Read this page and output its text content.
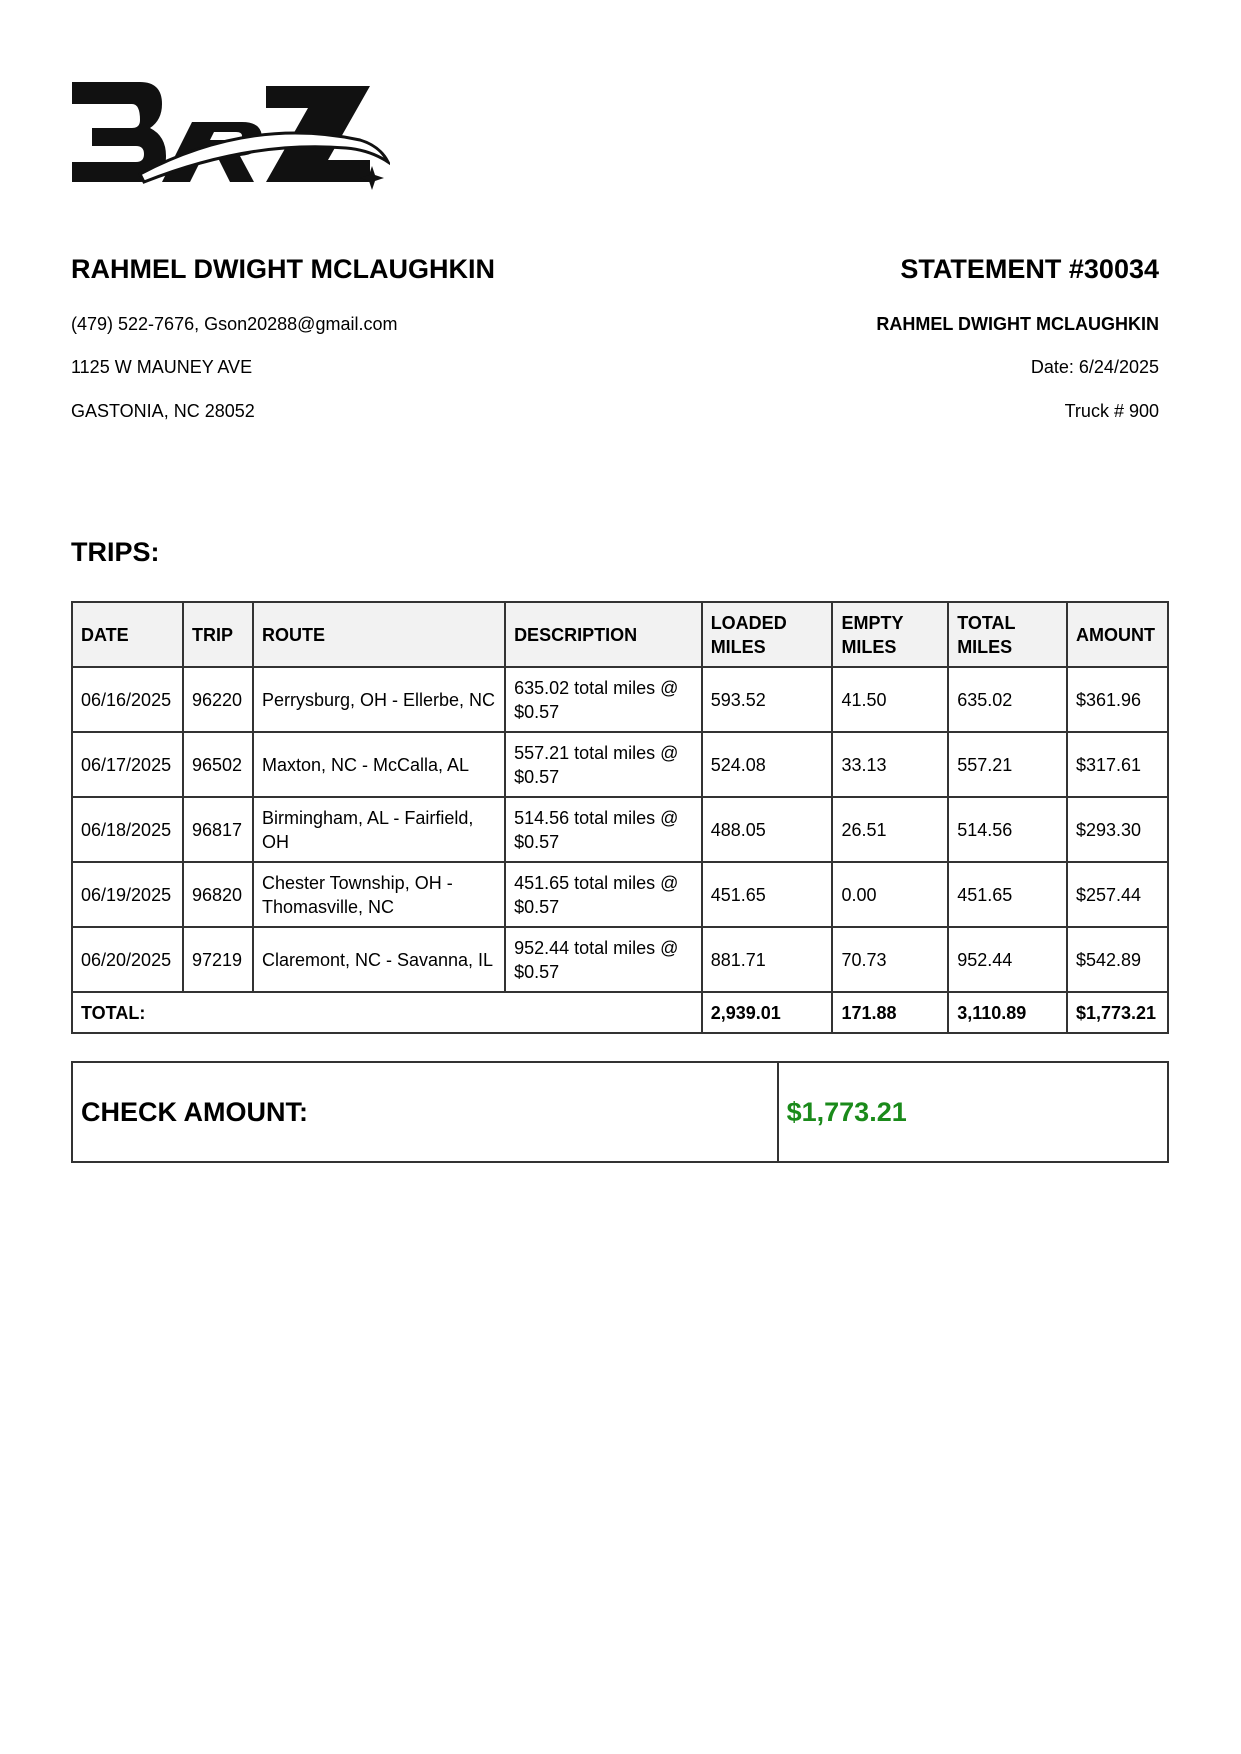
RAHMEL DWIGHT MCLAUGHKIN	STATEMENT #30034
(479) 522-7676, Gson20288@gmail.com
1125 W MAUNEY AVE
GASTONIA, NC 28052
RAHMEL DWIGHT MCLAUGHKIN
Date: 6/24/2025
Truck # 900
TRIPS:
DATE	TRIP	ROUTE	DESCRIPTION	LOADED MILES	EMPTY MILES	TOTAL MILES	AMOUNT
06/16/2025	96220	Perrysburg, OH - Ellerbe, NC	635.02 total miles @ $0.57	593.52	41.50	635.02	$361.96
06/17/2025	96502	Maxton, NC - McCalla, AL	557.21 total miles @ $0.57	524.08	33.13	557.21	$317.61
06/18/2025	96817	Birmingham, AL - Fairfield, OH	514.56 total miles @ $0.57	488.05	26.51	514.56	$293.30
06/19/2025	96820	Chester Township, OH - Thomasville, NC	451.65 total miles @ $0.57	451.65	0.00	451.65	$257.44
06/20/2025	97219	Claremont, NC - Savanna, IL	952.44 total miles @ $0.57	881.71	70.73	952.44	$542.89
TOTAL:				2,939.01	171.88	3,110.89	$1,773.21
CHECK AMOUNT:	$1,773.21
